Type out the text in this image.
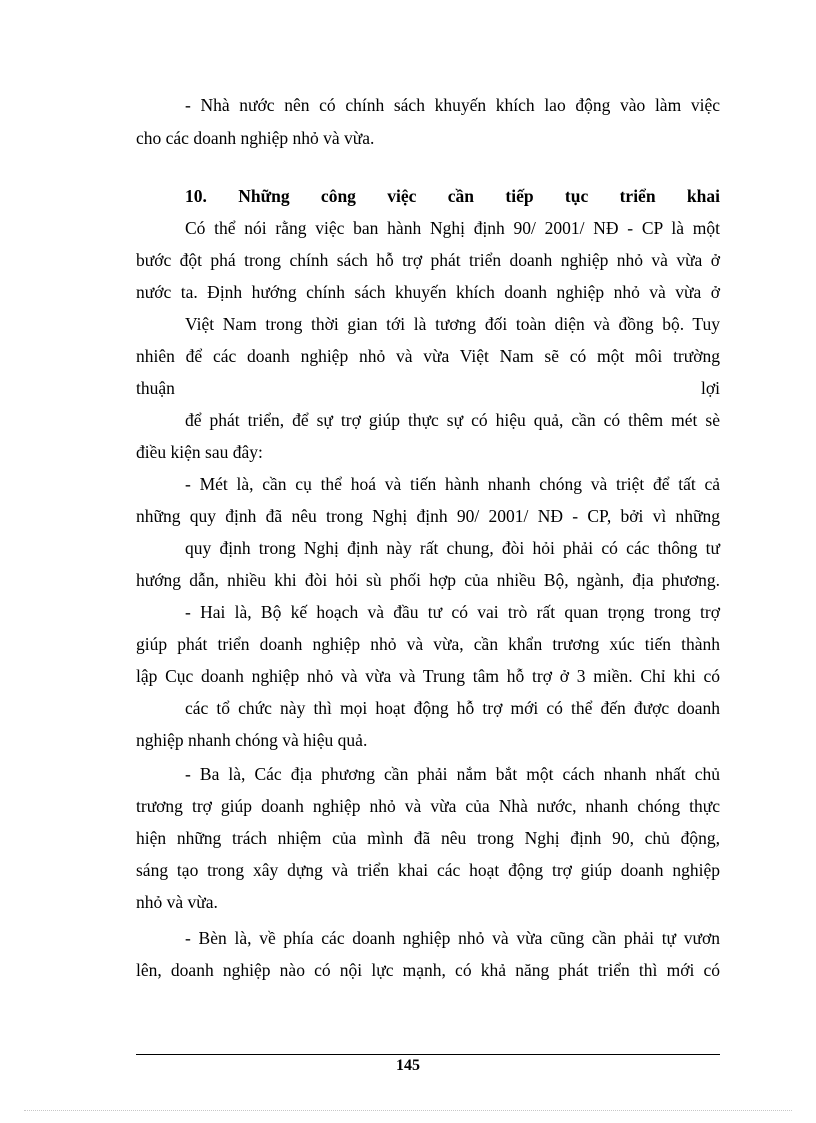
- Nhà nước nên có chính sách khuyến khích lao động vào làm việc
cho các doanh nghiệp nhỏ và vừa.
10. Những công việc cần tiếp tục triển khai
Có thể nói rằng việc ban hành Nghị định 90/ 2001/ NĐ - CP là một
bước đột phá trong chính sách hỗ trợ phát triển doanh nghiệp nhỏ và vừa ở
nước ta. Định hướng chính sách khuyến khích doanh nghiệp nhỏ và vừa ở
Việt Nam trong thời gian tới là tương đối toàn diện và đồng bộ. Tuy
nhiên để các doanh nghiệp nhỏ và vừa Việt Nam sẽ có một môi trường
thuận lợi
để phát triển, để sự trợ giúp thực sự có hiệu quả, cần có thêm mét sè
điều kiện sau đây:
- Mét là, cần cụ thể hoá và tiến hành nhanh chóng và triệt để tất cả
những quy định đã nêu trong Nghị định 90/ 2001/ NĐ - CP, bởi vì những
quy định trong Nghị định này rất chung, đòi hỏi phải có các thông tư
hướng dẫn, nhiều khi đòi hỏi sù phối hợp của nhiều Bộ, ngành, địa phương.
- Hai là, Bộ kế hoạch và đầu tư có vai trò rất quan trọng trong trợ
giúp phát triển doanh nghiệp nhỏ và vừa, cần khẩn trương xúc tiến thành
lập Cục doanh nghiệp nhỏ và vừa và Trung tâm hỗ trợ ở 3 miền. Chỉ khi có
các tổ chức này thì mọi hoạt động hỗ trợ mới có thể đến được doanh
nghiệp nhanh chóng và hiệu quả.
- Ba là, Các địa phương cần phải nắm bắt một cách nhanh nhất chủ
trương trợ giúp doanh nghiệp nhỏ và vừa của Nhà nước, nhanh chóng thực
hiện những trách nhiệm của mình đã nêu trong Nghị định 90, chủ động,
sáng tạo trong xây dựng và triển khai các hoạt động trợ giúp doanh nghiệp
nhỏ và vừa.
- Bèn là, về phía các doanh nghiệp nhỏ và vừa cũng cần phải tự vươn
lên, doanh nghiệp nào có nội lực mạnh, có khả năng phát triển thì mới có
145
